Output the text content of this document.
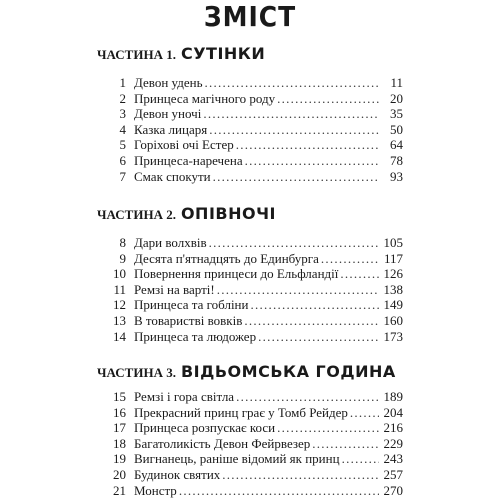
ЗМІСТ
ЧАСТИНА 1. СУТІНКИ
1 Девон удень . . .	11
2 Принцеса магічного роду . . .	20
3 Девон уночі . . .	35
4 Казка лицаря . . .	50
5 Горіхові очі Естер . . .	64
6 Принцеса-наречена . . .	78
7 Смак спокути . . .	93
ЧАСТИНА 2. ОПІВНОЧІ
8 Дари волхвів . . .	105
9 Десята п'ятнадцять до Единбурга . . .	117
10 Повернення принцеси до Ельфландії . . .	126
11 Ремзі на варті! . . .	138
12 Принцеса та гобліни . . .	149
13 В товаристві вовків . . .	160
14 Принцеса та людожер . . .	173
ЧАСТИНА 3. ВІДЬОМСЬКА ГОДИНА
15 Ремзі і гора світла . . .	189
16 Прекрасний принц грає у Томб Рейдер . . .	204
17 Принцеса розпускає коси . . .	216
18 Багатоликість Девон Фейрвезер . . .	229
19 Вигнанець, раніше відомий як принц . . .	243
20 Будинок святих . . .	257
21 Монстр . . .	270
